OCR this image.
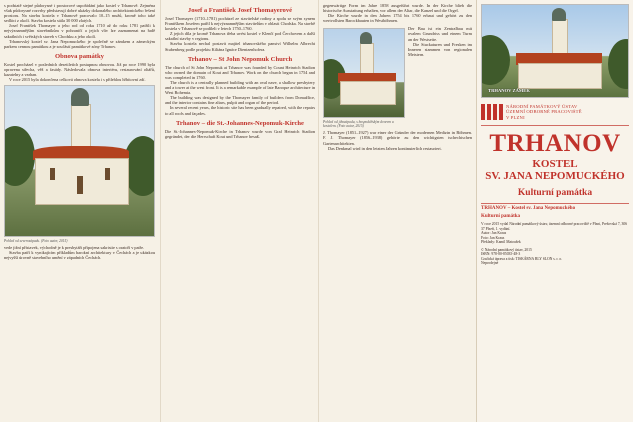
s podstatě stejné půdorysné i prostorové uspořádání jako kostel v Trhanově. Zejména však půdorysné rozvrhy představují dobré ukázky dokonalého architektonického řešení prostoru. Na stavbu kostela v Trhanově pracovalo 10–15 mužů, kromě toho také sedláci z okolí. Stavba kostela stála 30 000 zlatých.

Josef František Thomayer a jeho rod od roku 1710 až do roku 1781 patřili k nejvýznamnějším stavebníkům v pohraničí a jejich vliv lze zaznamenat na řadě sakrálních i světských staveb v Chodsku a jeho okolí.

Trhanovský kostel sv. Jana Nepomuckého je společně se zámkem a zámeckým parkem cennou památkou a je součástí památkové zóny Trhanov.

Obnova památky

Kostel procházel v posledních desetiletích postupnou obnovou. Již po roce 1990 byla opravena střecha, věž a fasády. Následovala obnova interiéru, restaurování oltářů, kazatelny a varhan.

V roce 2015 byla dokončena celková obnova kostela i s přilehlou hřbitovní zdí.

Pohled od severozápadu. (Foto autor, 2015)

vede jižní přístavek, východně je k presbytáři připojena sakristie s oratoří v patře.

Stavba patří k vynikajícím příkladům barokní architektury v Čechách a je ukázkou nejvyšší úrovně stavebního umění v západních Čechách.

Josef a František Josef Thomayerové

Josef Thomayer (1710–1781) pocházel ze stavitelské rodiny a spolu se svým synem Františkem Josefem patřil k nejvýznamnějším stavitelům v oblasti Chodska. Na stavbě kostela v Trhanově se podíleli v letech 1750–1760.

Z jejich díla je kromě Trhanova třeba uvést kostel v Klenčí pod Čerchovem a další sakrální stavby v regionu.

Stavbu kostela nechal postavit majitel trhanovského panství Wilhelm Albrecht Stubenberg podle projektu Kiliána Ignáce Dientzenhofera.

Trhanov – St John Nepomuk Church

The church of St John Nepomuk at Trhanov was founded by Count Heinrich Stadion who owned the domain of Kout and Trhanov. Work on the church began in 1754 and was completed in 1760.

The church is a centrally planned building with an oval nave, a shallow presbytery and a tower at the west front. It is a remarkable example of late Baroque architecture in West Bohemia.

The building was designed by the Thomayer family of builders from Domažlice, and the interior contains fine altars, pulpit and organ of the period.

In several recent years, the historic site has been gradually repaired, with the repairs to all roofs and façades.

Trhanov – die St.-Johannes-Nepomuk-Kirche

Die St.-Johannes-Nepomuk-Kirche in Trhanov wurde von Graf Heinrich Stadion gegründet, der die Herrschaft Kout und Trhanov besaß.

gegenwärtige Form im Jahre 1858 ausgeführt wurde. In der Kirche blieb die historische Ausstattung erhalten, vor allem der Altar, die Kanzel und die Orgel.

Die Kirche wurde in den Jahren 1754 bis 1760 erbaut und gehört zu den wertvollsten Barockbauten in Westböhmen.

Pohled od jihozápadu, s hospodářským dvorem a kostelem. (Foto autor, 2015)

Der Bau ist ein Zentralbau mit ovalem Grundriss und einem Turm an der Westseite.

Die Stuckaturen und Fresken im Inneren stammen von regionalen Meistern.

J. Thomayer (1851–1927) war einer der Gründer der modernen Medizin in Böhmen. F. J. Thomayer (1856–1938) gehörte zu den wichtigsten tschechischen Gartenarchitekten.

Das Denkmal wird in den letzten Jahren kontinuierlich restauriert.

TRHANOV ZÁMEK
NÁRODNÍ PAMÁTKOVÝ ÚSTAV
ÚZEMNÍ ODBORNÉ PRACOVIŠTĚ
V PLZNI
TRHANOV
KOSTEL
SV. JANA NEPOMUCKÉHO
Kulturní památka
TRHANOV – Kostel sv. Jana Nepomuckého
Kulturní památka

V roce 2015 vydal Národní památkový ústav, územní odborné pracoviště v Plzni, Prešovská 7, 306 37 Plzeň, 1. vydání.

Autor: Jan Kraus

Foto: Jan Kraus

Překlady: Kamil Matoušek

© Národní památkový ústav, 2015

ISBN: 978-80-85035-48-3

Grafická úprava a tisk: TISKÁRNA BLY SLON s. r. o.

Neprodejné
